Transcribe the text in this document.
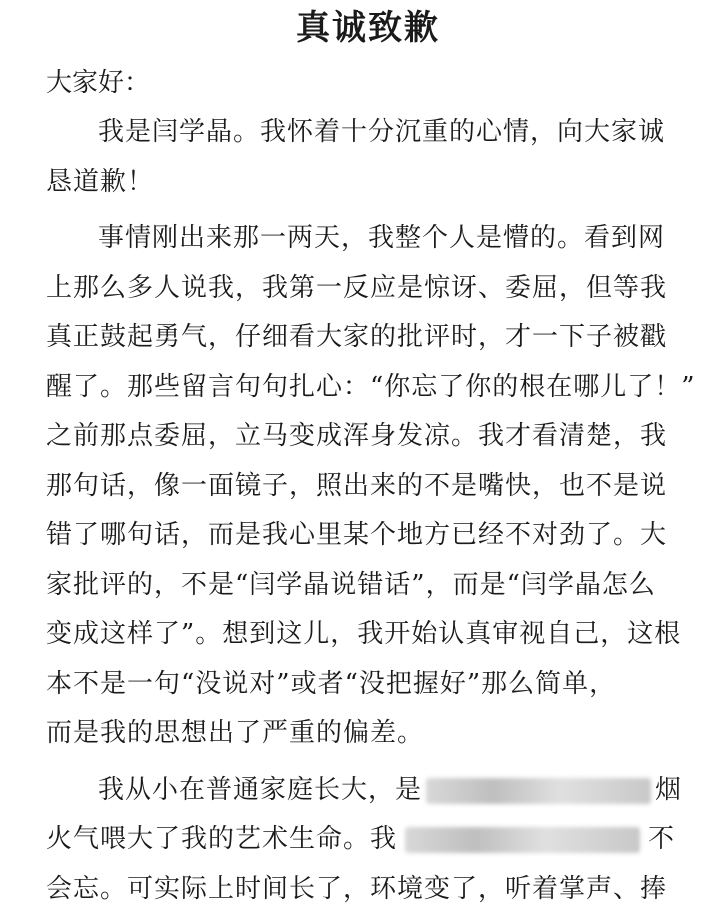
真诚致歉

大家好：

我是闫学晶。我怀着十分沉重的心情，向大家诚
恳道歉！

事情刚出来那一两天，我整个人是懵的。看到网
上那么多人说我，我第一反应是惊讶、委屈，但等我
真正鼓起勇气，仔细看大家的批评时，才一下子被戳
醒了。那些留言句句扎心：“你忘了你的根在哪儿了！”
之前那点委屈，立马变成浑身发凉。我才看清楚，我
那句话，像一面镜子，照出来的不是嘴快，也不是说
错了哪句话，而是我心里某个地方已经不对劲了。大
家批评的，不是“闫学晶说错话”，而是“闫学晶怎么
变成这样了”。想到这儿，我开始认真审视自己，这根
本不是一句“没说对”或者“没把握好”那么简单，
而是我的思想出了严重的偏差。

我从小在普通家庭长大，是	烟
火气喂大了我的艺术生命。我	不
会忘。可实际上时间长了，环境变了，听着掌声、捧
